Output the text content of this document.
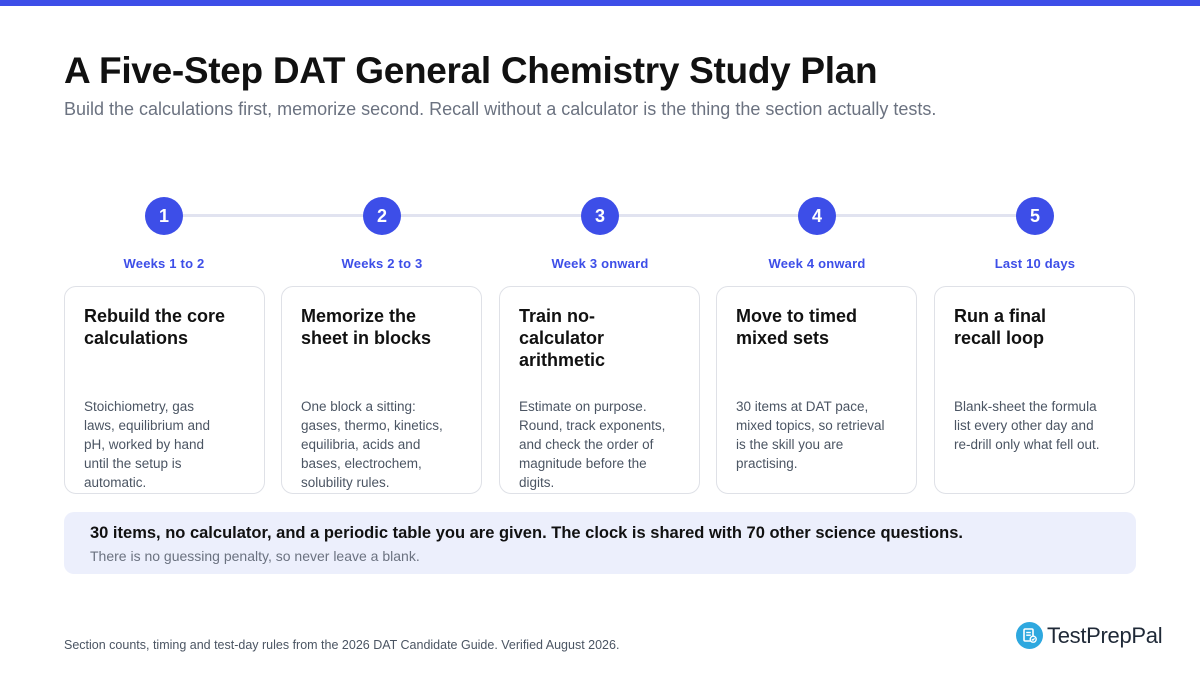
A Five-Step DAT General Chemistry Study Plan

Build the calculations first, memorize second. Recall without a calculator is the thing the section actually tests.

1
Weeks 1 to 2
Rebuild the core calculations
Stoichiometry, gas laws, equilibrium and pH, worked by hand until the setup is automatic.
2
Weeks 2 to 3
Memorize the sheet in blocks
One block a sitting: gases, thermo, kinetics, equilibria, acids and bases, electrochem, solubility rules.
3
Week 3 onward
Train no-calculator arithmetic
Estimate on purpose. Round, track exponents, and check the order of magnitude before the digits.
4
Week 4 onward
Move to timed mixed sets
30 items at DAT pace, mixed topics, so retrieval is the skill you are practising.
5
Last 10 days
Run a final recall loop
Blank-sheet the formula list every other day and re-drill only what fell out.
30 items, no calculator, and a periodic table you are given. The clock is shared with 70 other science questions.
There is no guessing penalty, so never leave a blank.

Section counts, timing and test-day rules from the 2026 DAT Candidate Guide. Verified August 2026.	TestPrepPal
